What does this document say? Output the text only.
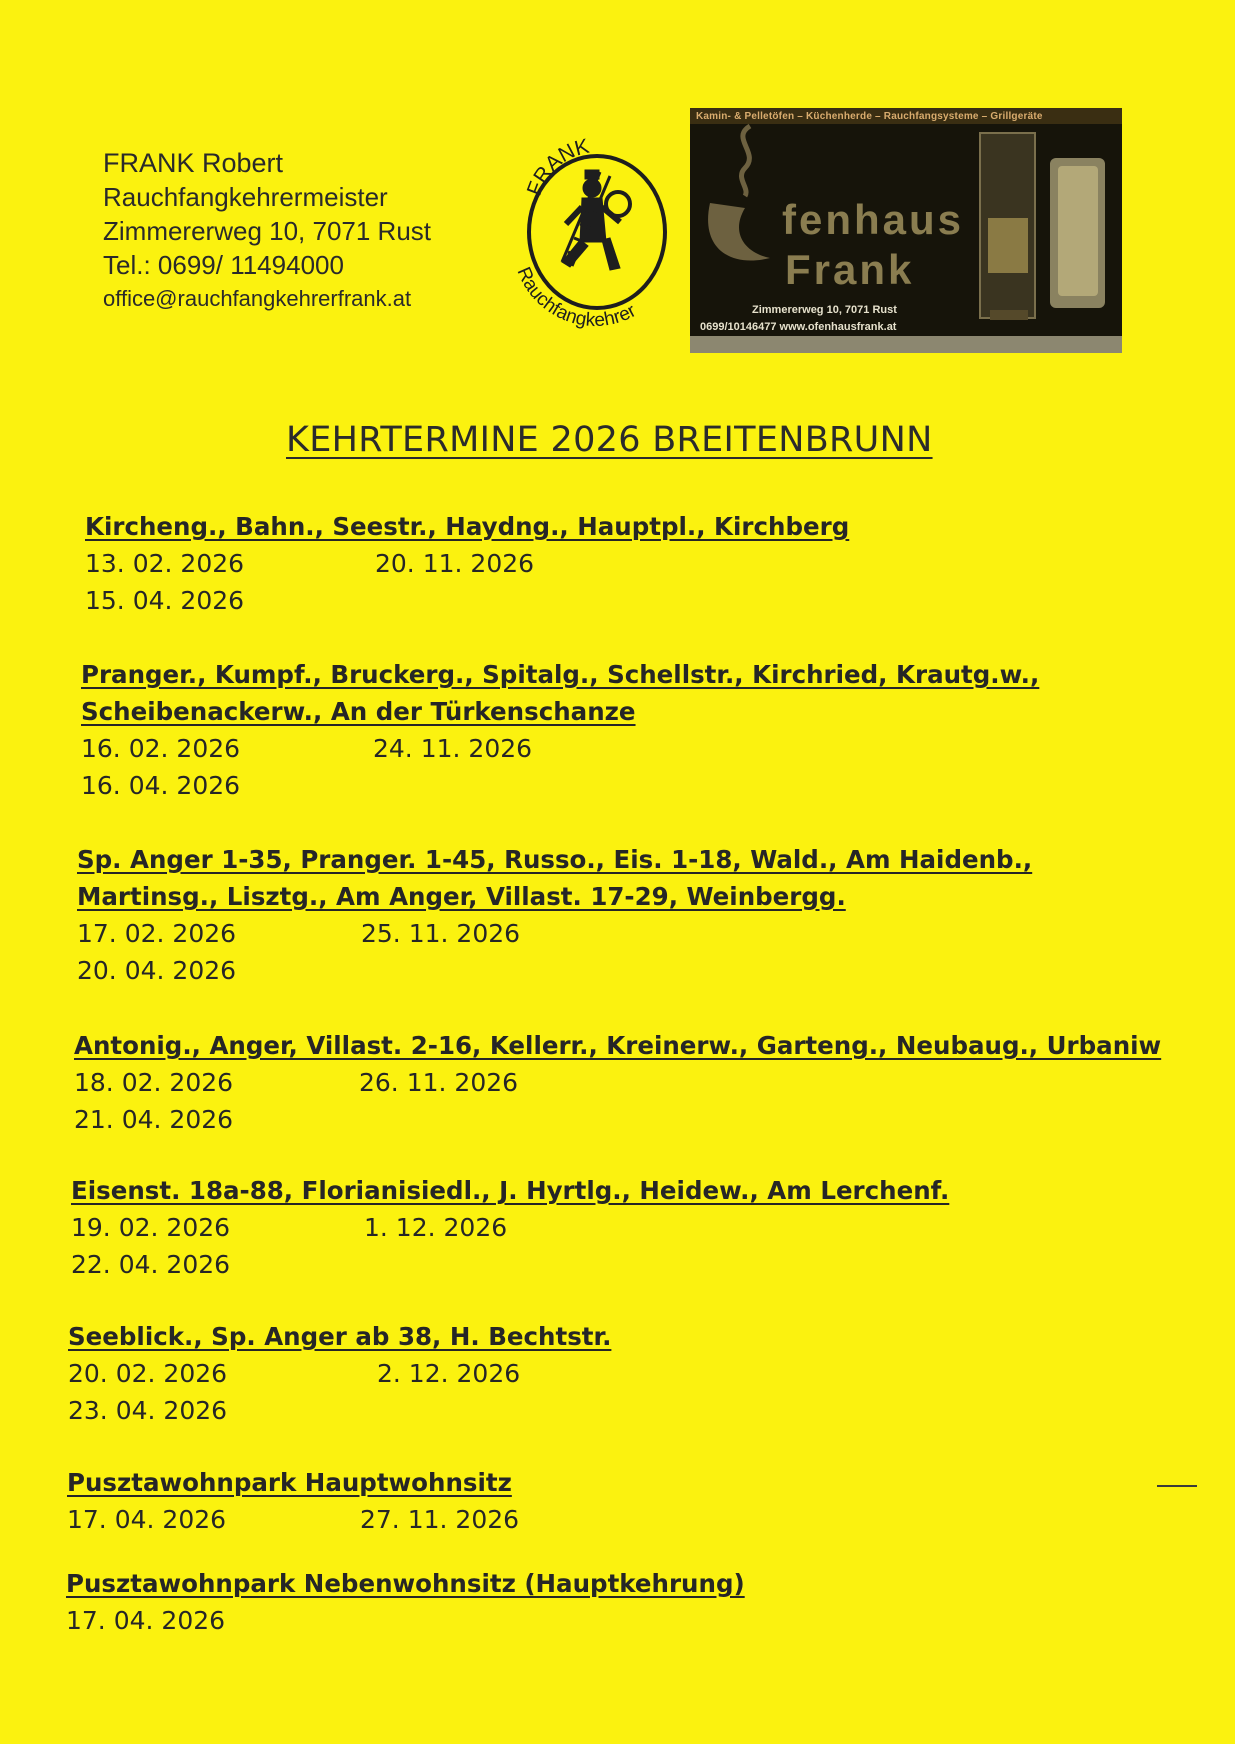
FRANK Robert
Rauchfangkehrermeister
Zimmererweg 10, 7071 Rust
Tel.: 0699/ 11494000
office@rauchfangkehrerfrank.at
FRANK
Rauchfangkehrer
Kamin- & Pelletöfen – Küchenherde – Rauchfangsysteme – Grillgeräte
fenhaus
Frank
Zimmererweg 10, 7071 Rust
0699/10146477 www.ofenhausfrank.at
KEHRTERMINE 2026 BREITENBRUNN
Kircheng., Bahn., Seestr., Haydng., Hauptpl., Kirchberg
13. 02. 2026	20. 11. 2026
15. 04. 2026
Pranger., Kumpf., Bruckerg., Spitalg., Schellstr., Kirchried, Krautg.w.,
Scheibenackerw., An der Türkenschanze
16. 02. 2026	24. 11. 2026
16. 04. 2026
Sp. Anger 1-35, Pranger. 1-45, Russo., Eis. 1-18, Wald., Am Haidenb.,
Martinsg., Lisztg., Am Anger, Villast. 17-29, Weinbergg.
17. 02. 2026	25. 11. 2026
20. 04. 2026
Antonig., Anger, Villast. 2-16, Kellerr., Kreinerw., Garteng., Neubaug., Urbaniw
18. 02. 2026	26. 11. 2026
21. 04. 2026
Eisenst. 18a-88, Florianisiedl., J. Hyrtlg., Heidew., Am Lerchenf.
19. 02. 2026	1. 12. 2026
22. 04. 2026
Seeblick., Sp. Anger ab 38, H. Bechtstr.
20. 02. 2026	2. 12. 2026
23. 04. 2026
Pusztawohnpark Hauptwohnsitz
17. 04. 2026	27. 11. 2026
Pusztawohnpark Nebenwohnsitz (Hauptkehrung)
17. 04. 2026
